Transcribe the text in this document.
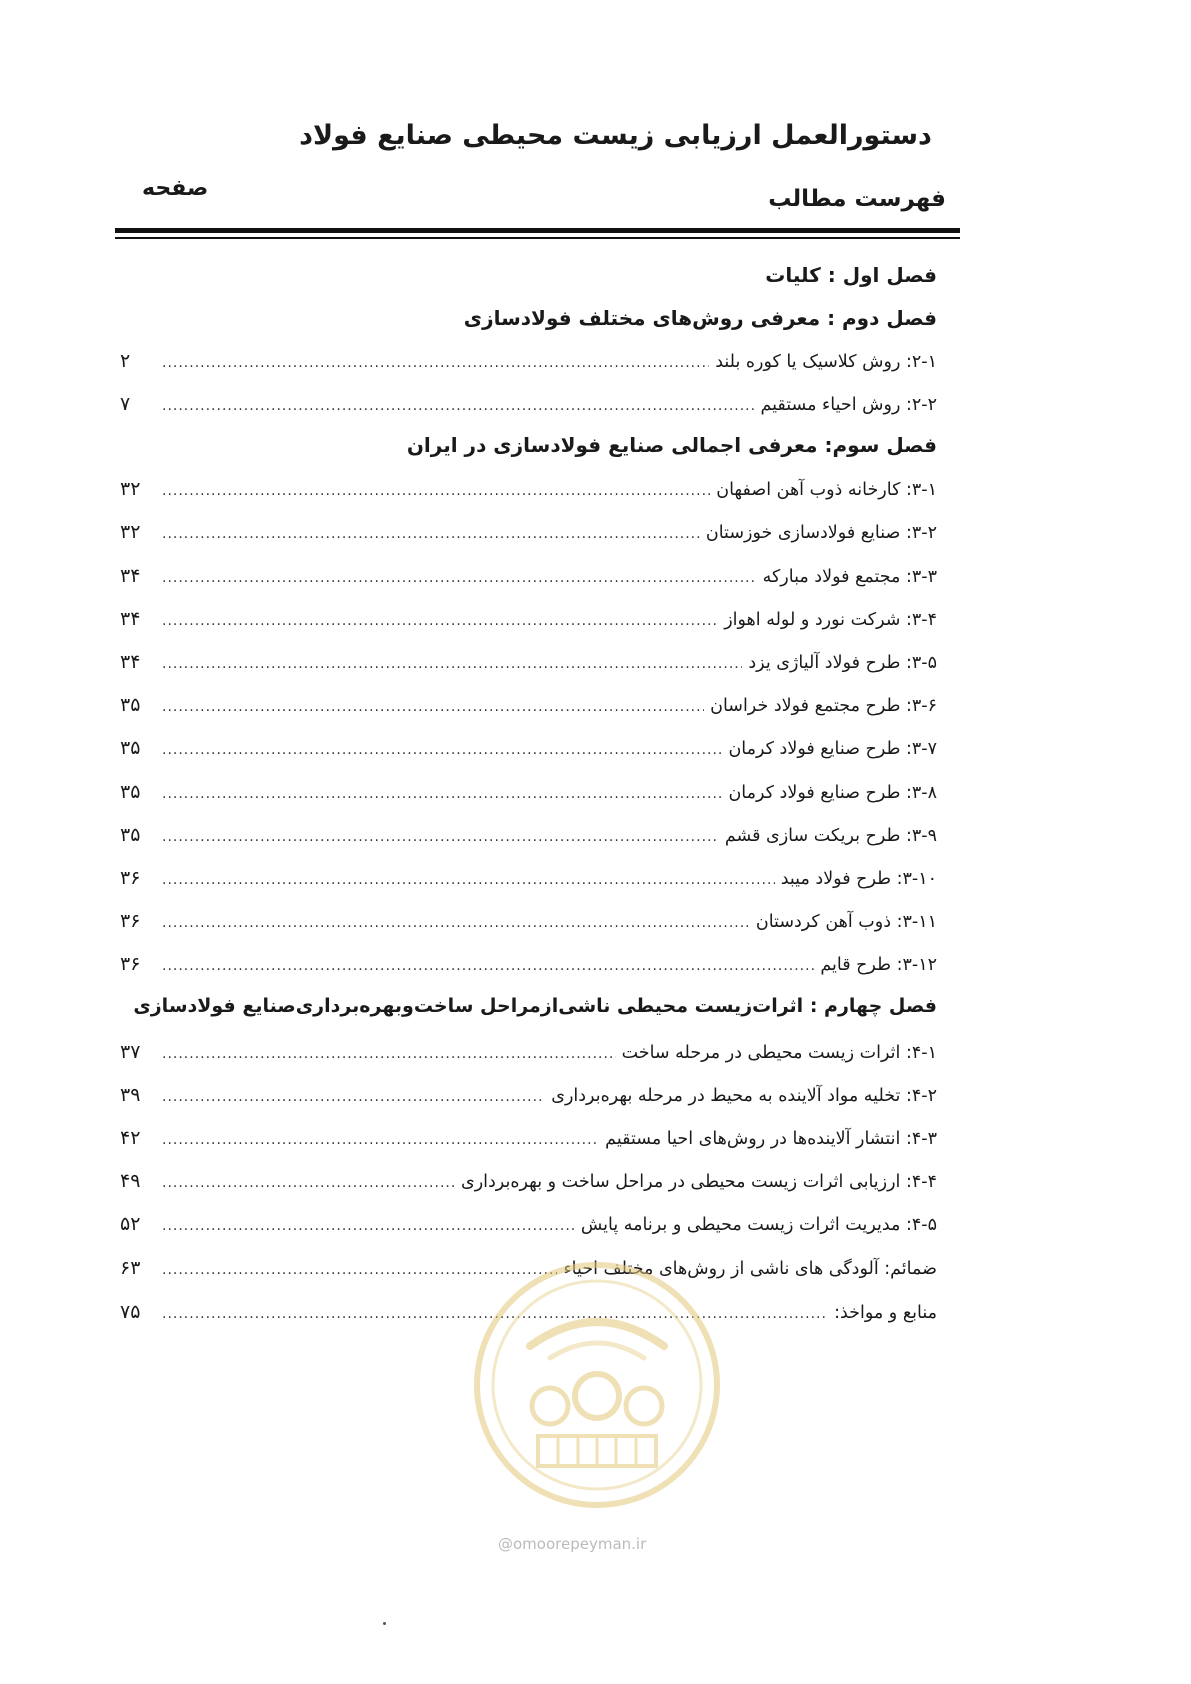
دستورالعمل ارزیابی زیست محیطی صنایع فولاد
فهرست مطالب
صفحه
فصل اول : کلیات
فصل دوم : معرفی روش‌های مختلف فولادسازی
۲-۱: روش کلاسیک یا کوره بلند
.....
۲
۲-۲: روش احیاء مستقیم
.....
۷
فصل سوم: معرفی اجمالی صنایع فولادسازی در ایران
۳-۱: کارخانه ذوب آهن اصفهان
.....
۳۲
۳-۲: صنایع فولادسازی خوزستان
.....
۳۲
۳-۳: مجتمع فولاد مبارکه
.....
۳۴
۳-۴: شرکت نورد و لوله اهواز
.....
۳۴
۳-۵: طرح فولاد آلیاژی یزد
.....
۳۴
۳-۶: طرح مجتمع فولاد خراسان
.....
۳۵
۳-۷: طرح صنایع فولاد کرمان
.....
۳۵
۳-۸: طرح صنایع فولاد کرمان
.....
۳۵
۳-۹: طرح بریکت سازی قشم
.....
۳۵
۳-۱۰: طرح فولاد میبد
.....
۳۶
۳-۱۱: ذوب آهن کردستان
.....
۳۶
۳-۱۲: طرح قایم
.....
۳۶
فصل چهارم : اثرات‌زیست محیطی ناشی‌ازمراحل ساخت‌وبهره‌برداری‌صنایع فولادسازی
۴-۱: اثرات زیست محیطی در مرحله ساخت
.....
۳۷
۴-۲: تخلیه مواد آلاینده به محیط در مرحله بهره‌برداری
.....
۳۹
۴-۳: انتشار آلاینده‌ها در روش‌های احیا مستقیم
.....
۴۲
۴-۴: ارزیابی اثرات زیست محیطی در مراحل ساخت و بهره‌برداری
.....
۴۹
۴-۵: مدیریت اثرات زیست محیطی و برنامه پایش
.....
۵۲
ضمائم: آلودگی های ناشی از روش‌های مختلف احیاء
.....
۶۳
منابع و مواخذ:
.....
۷۵
@omoorepeyman.ir
